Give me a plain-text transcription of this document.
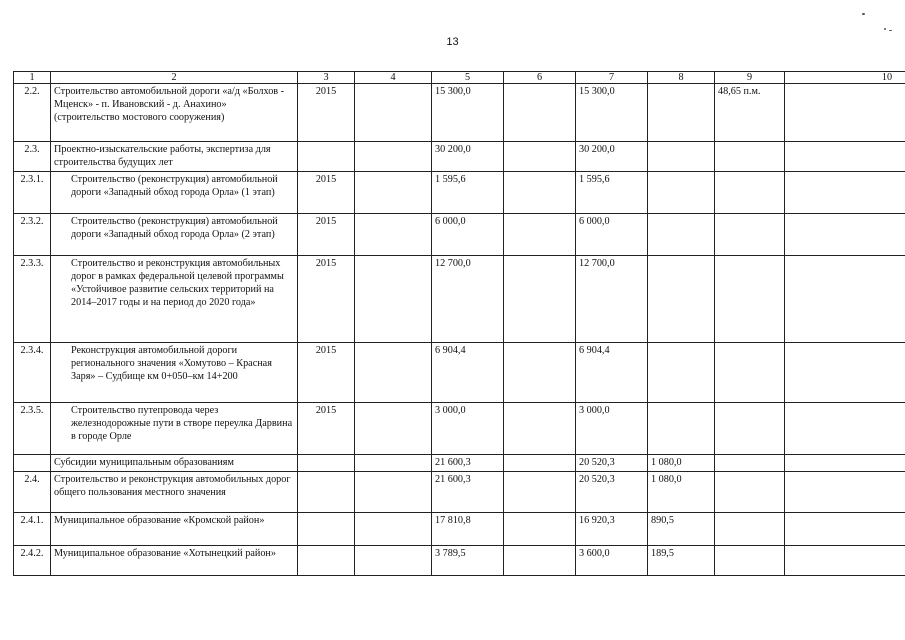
13
1	2	3	4	5	6	7	8	9	10
2.2.	Строительство автомобильной дороги «а/д «Болхов - Мценск» - п. Ивановский - д. Анахино» (строительство мостового сооружения)	2015		15 300,0		15 300,0		48,65 п.м.	
2.3.	Проектно-изыскательские работы, экспертиза для строительства будущих лет			30 200,0		30 200,0			
2.3.1.	Строительство (реконструкция) автомобильной дороги «Западный обход города Орла» (1 этап)	2015		1 595,6		1 595,6			
2.3.2.	Строительство (реконструкция) автомобильной дороги «Западный обход города Орла» (2 этап)	2015		6 000,0		6 000,0			
2.3.3.	Строительство и реконструкция автомобильных дорог в рамках федеральной целевой программы «Устойчивое развитие сельских территорий на 2014–2017 годы и на период до 2020 года»	2015		12 700,0		12 700,0			
2.3.4.	Реконструкция автомобильной дороги регионального значения «Хомутово – Красная Заря» – Судбище км 0+050–км 14+200	2015		6 904,4		6 904,4			
2.3.5.	Строительство путепровода через железнодорожные пути в створе переулка Дарвина в городе Орле	2015		3 000,0		3 000,0			
	Субсидии муниципальным образованиям			21 600,3		20 520,3	1 080,0		
2.4.	Строительство и реконструкция автомобильных дорог общего пользования местного значения			21 600,3		20 520,3	1 080,0		
2.4.1.	Муниципальное образование «Кромской район»			17 810,8		16 920,3	890,5		
2.4.2.	Муниципальное образование «Хотынецкий район»			3 789,5		3 600,0	189,5		
